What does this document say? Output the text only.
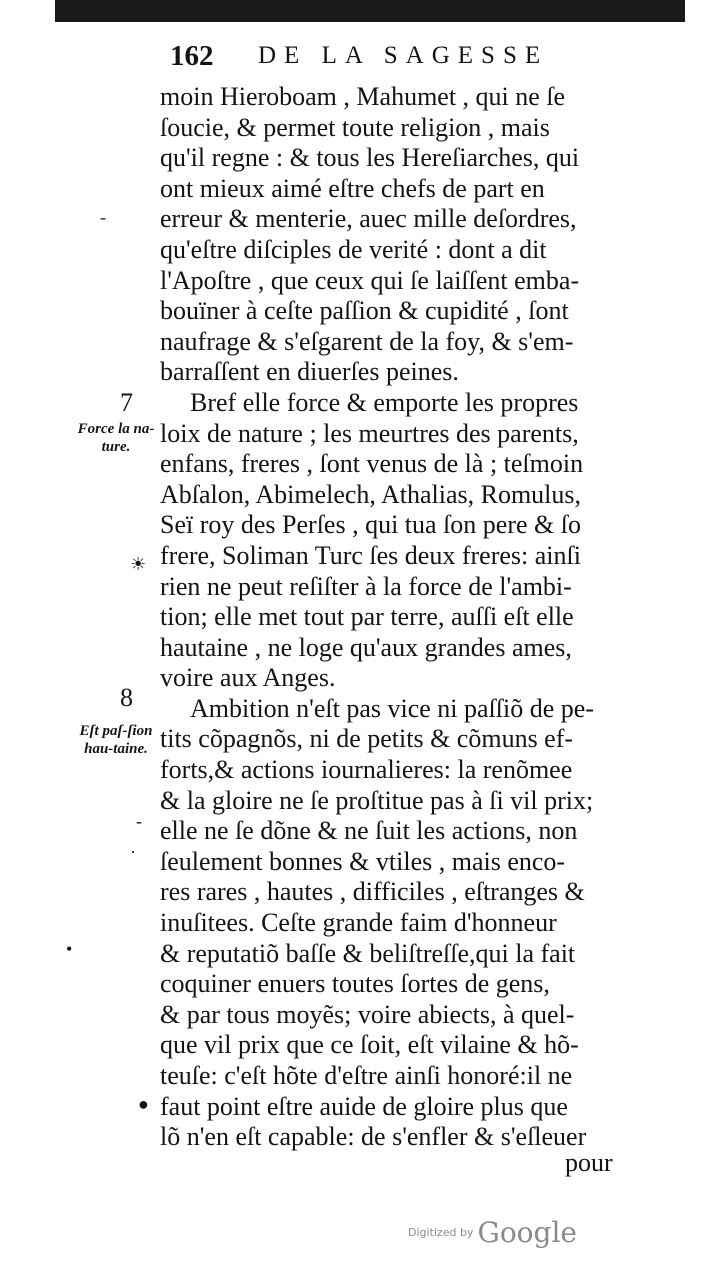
162 DE LA SAGESSE
moin Hieroboam , Mahumet , qui ne ſe
ſoucie, & permet toute religion , mais
qu'il regne : & tous les Hereſiarches, qui
ont mieux aimé eſtre chefs de part en
erreur & menterie, auec mille deſordres,
qu'eſtre diſciples de verité : dont a dit
l'Apoſtre , que ceux qui ſe laiſſent emba-
bouïner à ceſte paſſion & cupidité , ſont
naufrage & s'eſgarent de la foy, & s'em-
barraſſent en diuerſes peines.
Bref elle force & emporte les propres
loix de nature ; les meurtres des parents,
enfans, freres , ſont venus de là ; teſmoin
Abſalon, Abimelech, Athalias, Romulus,
Seï roy des Perſes , qui tua ſon pere & ſo
frere, Soliman Turc ſes deux freres: ainſi
rien ne peut reſiſter à la force de l'ambi-
tion; elle met tout par terre, auſſi eſt elle
hautaine , ne loge qu'aux grandes ames,
voire aux Anges.
Ambition n'eſt pas vice ni paſſiõ de pe-
tits cõpagnõs, ni de petits & cõmuns ef-
forts,& actions iournalieres: la renõmee
& la gloire ne ſe proſtitue pas à ſi vil prix;
elle ne ſe dõne & ne ſuit les actions, non
ſeulement bonnes & vtiles , mais enco-
res rares , hautes , difficiles , eſtranges &
inuſitees. Ceſte grande faim d'honneur
& reputatiõ baſſe & beliſtreſſe,qui la fait
coquiner enuers toutes ſortes de gens,
& par tous moyẽs; voire abiects, à quel-
que vil prix que ce ſoit, eſt vilaine & hõ-
teuſe: c'eſt hõte d'eſtre ainſi honoré:il ne
faut point eſtre auide de gloire plus que
lõ n'en eſt capable: de s'enfler & s'eſleuer
7
8
Force la na-ture.
Eſt paſ-ſion hau-taine.
-
☀
-
·
•
●
pour
Digitized by Google
